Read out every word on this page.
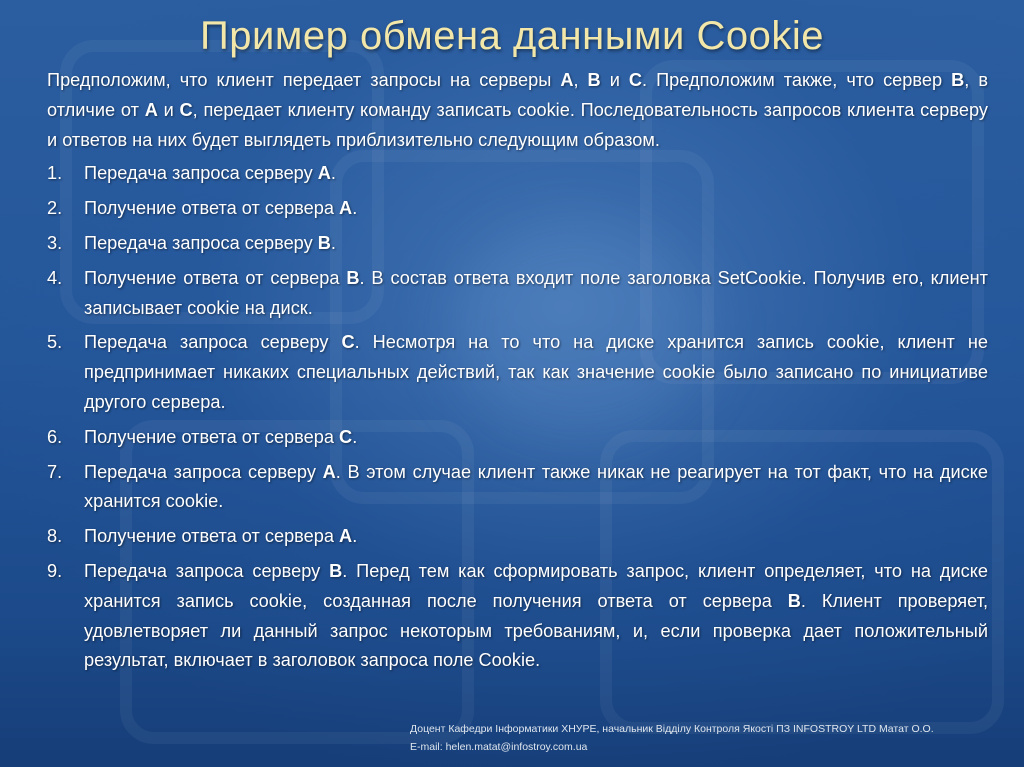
Пример обмена данными Cookie

Предположим, что клиент передает запросы на серверы A, B и C. Предположим также, что сервер B, в отличие от A и C, передает клиенту команду записать cookie. Последовательность запросов клиента серверу и ответов на них будет выглядеть приблизительно следующим образом.

1. Передача запроса серверу A.
2. Получение ответа от сервера A.
3. Передача запроса серверу B.
4. Получение ответа от сервера B. В состав ответа входит поле заголовка SetCookie. Получив его, клиент записывает cookie на диск.
5. Передача запроса серверу C. Несмотря на то что на диске хранится запись cookie, клиент не предпринимает никаких специальных действий, так как значение cookie было записано по инициативе другого сервера.
6. Получение ответа от сервера C.
7. Передача запроса серверу A. В этом случае клиент также никак не реагирует на тот факт, что на диске хранится cookie.
8. Получение ответа от сервера A.
9. Передача запроса серверу B. Перед тем как сформировать запрос, клиент определяет, что на диске хранится запись cookie, созданная после получения ответа от сервера B. Клиент проверяет, удовлетворяет ли данный запрос некоторым требованиям, и, если проверка дает положительный результат, включает в заголовок запроса поле Cookie.
Доцент Кафедри Інформатики ХНУРЕ, начальник Відділу Контроля Якості ПЗ INFOSTROY LTD Матат О.О.
E-mail: helen.matat@infostroy.com.ua
